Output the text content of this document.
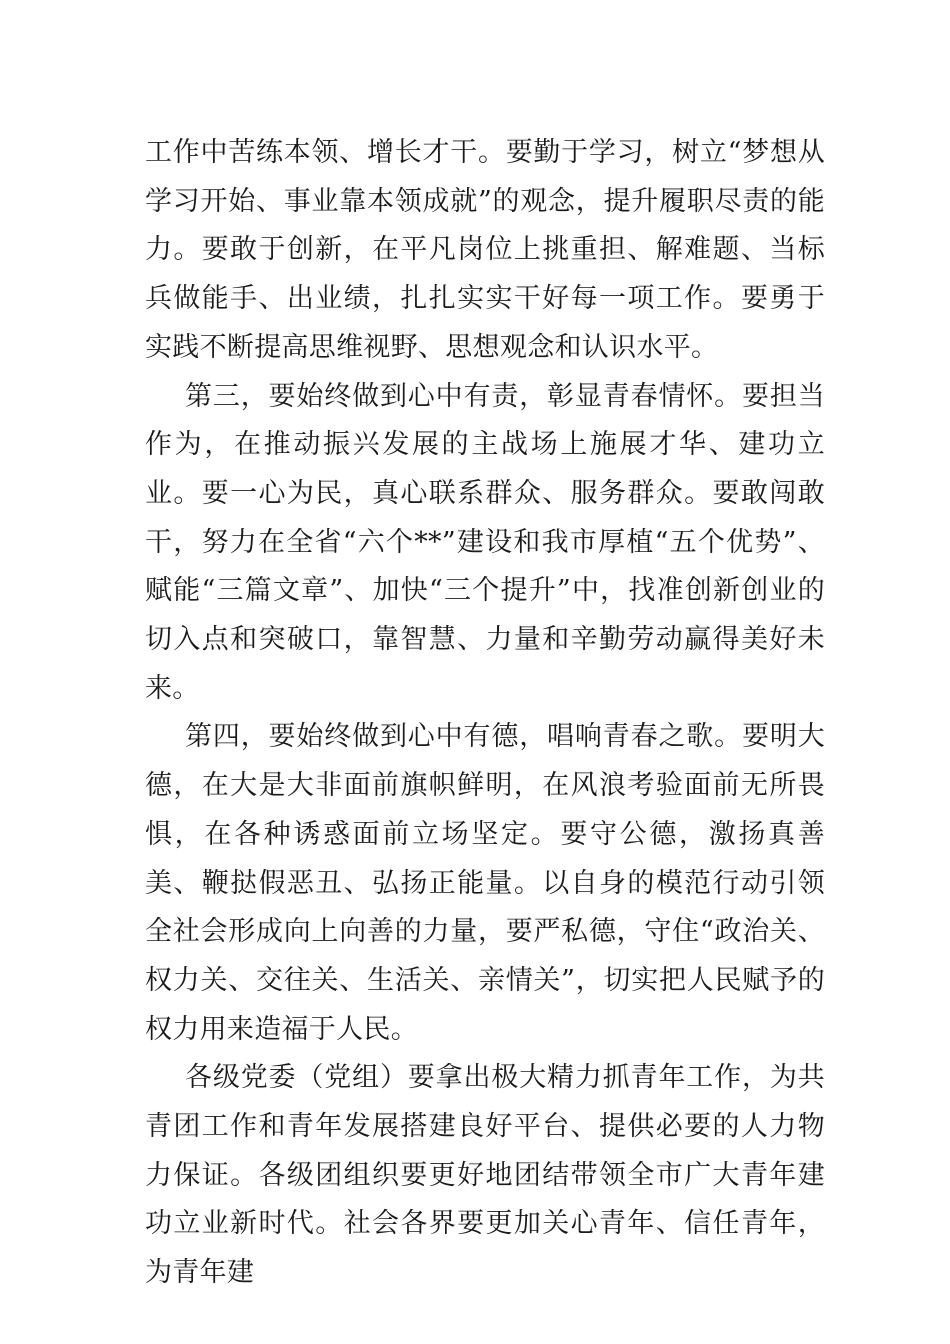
工作中苦练本领、增长才干。要勤于学习，树立“梦想从学习开始、事业靠本领成就”的观念，提升履职尽责的能力。要敢于创新，在平凡岗位上挑重担、解难题、当标兵做能手、出业绩，扎扎实实干好每一项工作。要勇于实践不断提高思维视野、思想观念和认识水平。

第三，要始终做到心中有责，彰显青春情怀。要担当作为，在推动振兴发展的主战场上施展才华、建功立业。要一心为民，真心联系群众、服务群众。要敢闯敢干，努力在全省“六个**”建设和我市厚植“五个优势”、赋能“三篇文章”、加快“三个提升”中，找准创新创业的切入点和突破口，靠智慧、力量和辛勤劳动赢得美好未来。

第四，要始终做到心中有德，唱响青春之歌。要明大德，在大是大非面前旗帜鲜明，在风浪考验面前无所畏惧，在各种诱惑面前立场坚定。要守公德，激扬真善美、鞭挞假恶丑、弘扬正能量。以自身的模范行动引领全社会形成向上向善的力量，要严私德，守住“政治关、权力关、交往关、生活关、亲情关”，切实把人民赋予的权力用来造福于人民。

各级党委（党组）要拿出极大精力抓青年工作，为共青团工作和青年发展搭建良好平台、提供必要的人力物力保证。各级团组织要更好地团结带领全市广大青年建功立业新时代。社会各界要更加关心青年、信任青年，为青年建
